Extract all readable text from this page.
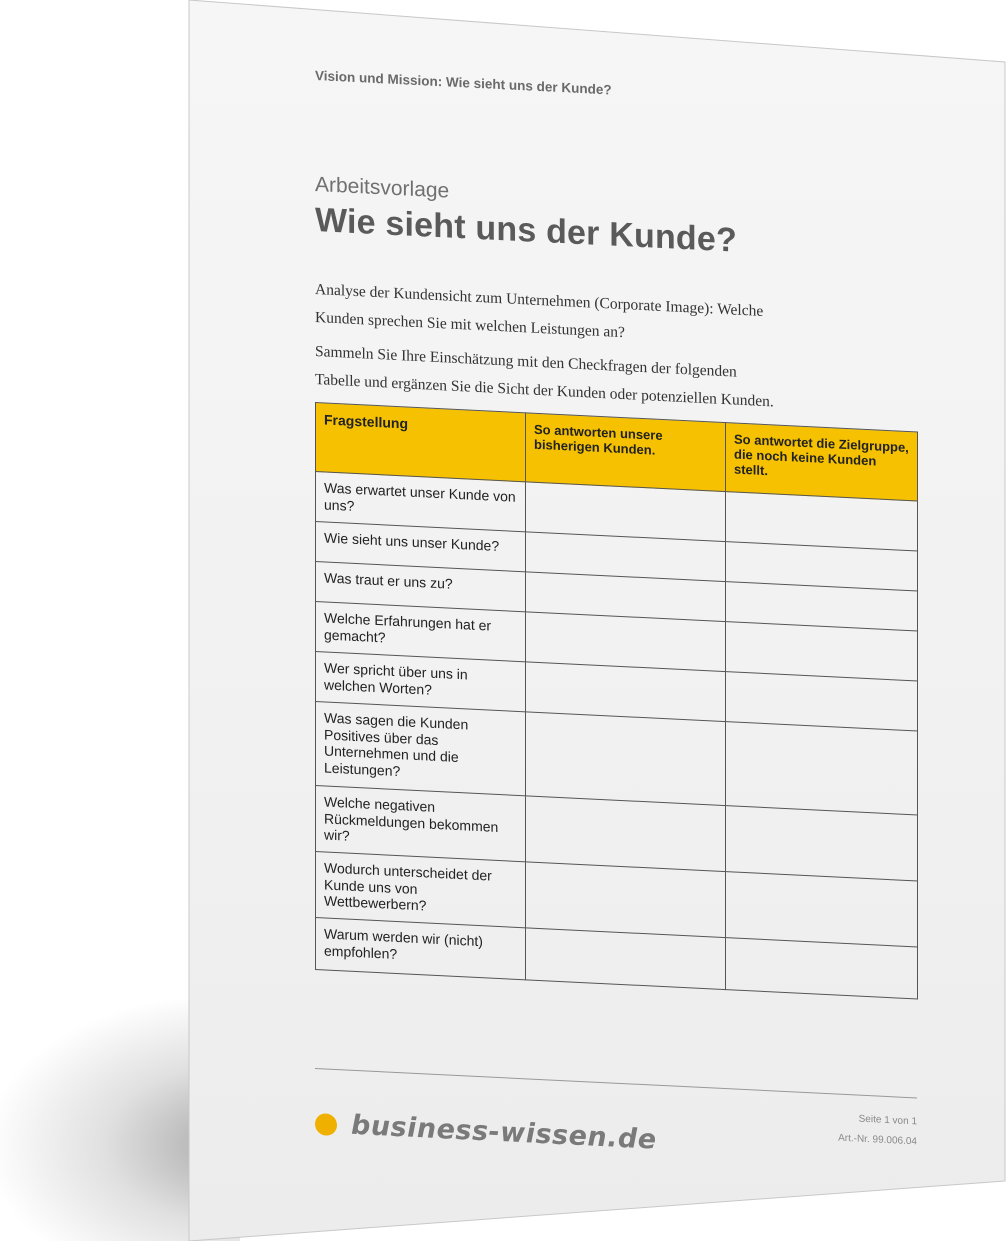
Vision und Mission: Wie sieht uns der Kunde?
Arbeitsvorlage
Wie sieht uns der Kunde?

Analyse der Kundensicht zum Unternehmen (Corporate Image): Welche Kunden sprechen Sie mit welchen Leistungen an?

Sammeln Sie Ihre Einschätzung mit den Checkfragen der folgenden Tabelle und ergänzen Sie die Sicht der Kunden oder potenziellen Kunden.

Fragstellung	So antworten unsere bisherigen Kunden.	So antwortet die Zielgruppe, die noch keine Kunden stellt.
Was erwartet unser Kunde von uns?		
Wie sieht uns unser Kunde?		
Was traut er uns zu?		
Welche Erfahrungen hat er gemacht?		
Wer spricht über uns in welchen Worten?		
Was sagen die Kunden Positives über das Unternehmen und die Leistungen?		
Welche negativen Rückmeldungen bekommen wir?		
Wodurch unterscheidet der Kunde uns von Wettbewerbern?		
Warum werden wir (nicht) empfohlen?		
Seite 1 von 1
Art.-Nr. 99.006.04
business-wissen.de
